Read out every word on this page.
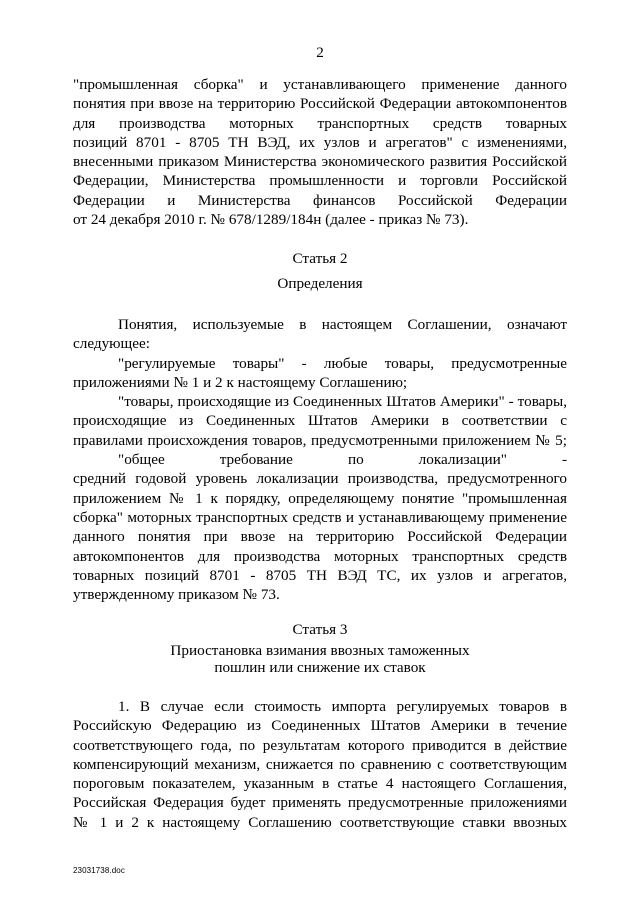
2
"промышленная сборка" и устанавливающего применение данного
понятия при ввозе на территорию Российской Федерации автокомпонентов
для производства моторных транспортных средств товарных
позиций 8701 - 8705 ТН ВЭД, их узлов и агрегатов" с изменениями,
внесенными приказом Министерства экономического развития Российской
Федерации, Министерства промышленности и торговли Российской
Федерации и Министерства финансов Российской Федерации
от 24 декабря 2010 г. № 678/1289/184н (далее - приказ № 73).
Статья 2
Определения
Понятия, используемые в настоящем Соглашении, означают
следующее:
"регулируемые товары" - любые товары, предусмотренные
приложениями № 1 и 2 к настоящему Соглашению;
"товары, происходящие из Соединенных Штатов Америки" - товары,
происходящие из Соединенных Штатов Америки в соответствии с
правилами происхождения товаров, предусмотренными приложением № 5;
"общее требование по локализации" -
средний годовой уровень локализации производства, предусмотренного
приложением № 1 к порядку, определяющему понятие "промышленная
сборка" моторных транспортных средств и устанавливающему применение
данного понятия при ввозе на территорию Российской Федерации
автокомпонентов для производства моторных транспортных средств
товарных позиций 8701 - 8705 ТН ВЭД ТС, их узлов и агрегатов,
утвержденному приказом № 73.
Статья 3
Приостановка взимания ввозных таможенных
пошлин или снижение их ставок
1. В случае если стоимость импорта регулируемых товаров в
Российскую Федерацию из Соединенных Штатов Америки в течение
соответствующего года, по результатам которого приводится в действие
компенсирующий механизм, снижается по сравнению с соответствующим
пороговым показателем, указанным в статье 4 настоящего Соглашения,
Российская Федерация будет применять предусмотренные приложениями
№ 1 и 2 к настоящему Соглашению соответствующие ставки ввозных
23031738.doc
